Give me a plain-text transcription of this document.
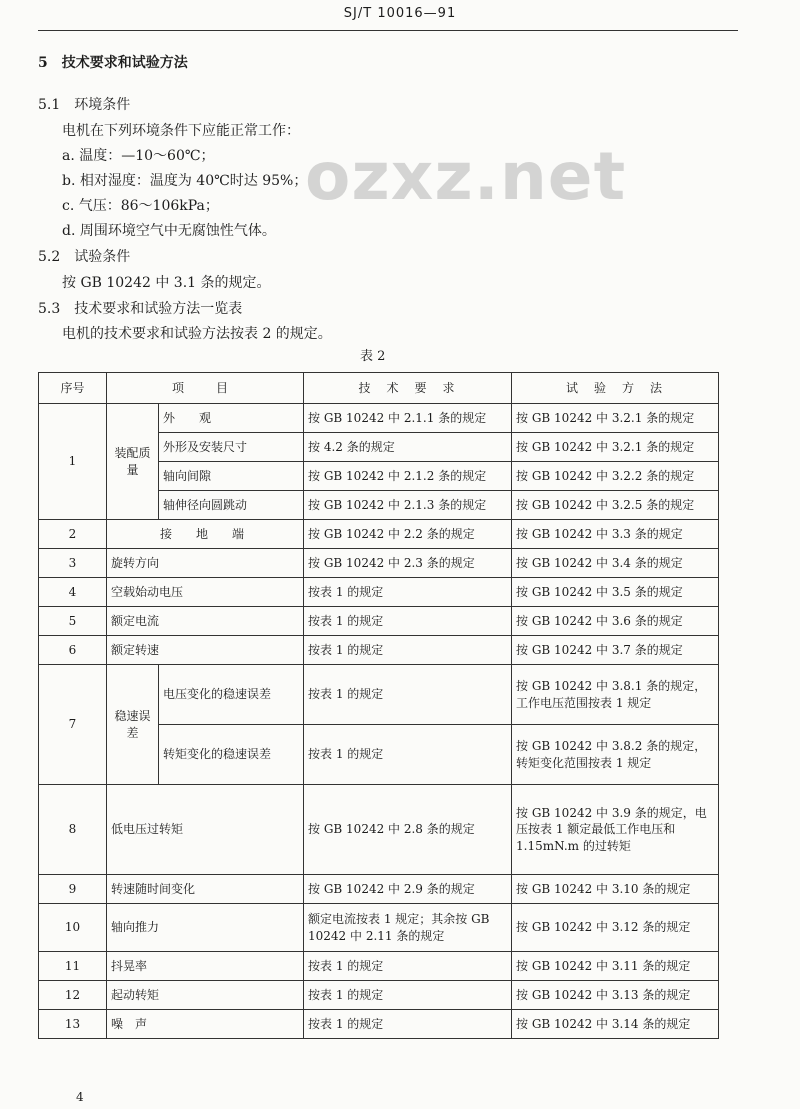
SJ/T 10016—91
5　技术要求和试验方法
5.1　环境条件
电机在下列环境条件下应能正常工作：
a. 温度：—10～60℃；
b. 相对湿度：温度为 40℃时达 95%；
c. 气压：86～106kPa；
d. 周围环境空气中无腐蚀性气体。
5.2　试验条件
按 GB 10242 中 3.1 条的规定。
5.3　技术要求和试验方法一览表
电机的技术要求和试验方法按表 2 的规定。
ozxz.net
表 2
序号	项　目		技　术　要　求	试　验　方　法
1	装配质量	外　　观	按 GB 10242 中 2.1.1 条的规定	按 GB 10242 中 3.2.1 条的规定
		外形及安装尺寸	按 4.2 条的规定	按 GB 10242 中 3.2.1 条的规定
		轴向间隙	按 GB 10242 中 2.1.2 条的规定	按 GB 10242 中 3.2.2 条的规定
		轴伸径向圆跳动	按 GB 10242 中 2.1.3 条的规定	按 GB 10242 中 3.2.5 条的规定
2	接　地　端		按 GB 10242 中 2.2 条的规定	按 GB 10242 中 3.3 条的规定
3	旋转方向		按 GB 10242 中 2.3 条的规定	按 GB 10242 中 3.4 条的规定
4	空载始动电压		按表 1 的规定	按 GB 10242 中 3.5 条的规定
5	额定电流		按表 1 的规定	按 GB 10242 中 3.6 条的规定
6	额定转速		按表 1 的规定	按 GB 10242 中 3.7 条的规定
7	稳速误差	电压变化的稳速误差	按表 1 的规定	按 GB 10242 中 3.8.1 条的规定，工作电压范围按表 1 规定
		转矩变化的稳速误差	按表 1 的规定	按 GB 10242 中 3.8.2 条的规定，转矩变化范围按表 1 规定
8	低电压过转矩		按 GB 10242 中 2.8 条的规定	按 GB 10242 中 3.9 条的规定，电压按表 1 额定最低工作电压和 1.15mN.m 的过转矩
9	转速随时间变化		按 GB 10242 中 2.9 条的规定	按 GB 10242 中 3.10 条的规定
10	轴向推力		额定电流按表 1 规定；其余按 GB 10242 中 2.11 条的规定	按 GB 10242 中 3.12 条的规定
11	抖晃率		按表 1 的规定	按 GB 10242 中 3.11 条的规定
12	起动转矩		按表 1 的规定	按 GB 10242 中 3.13 条的规定
13	噪　声		按表 1 的规定	按 GB 10242 中 3.14 条的规定
4
